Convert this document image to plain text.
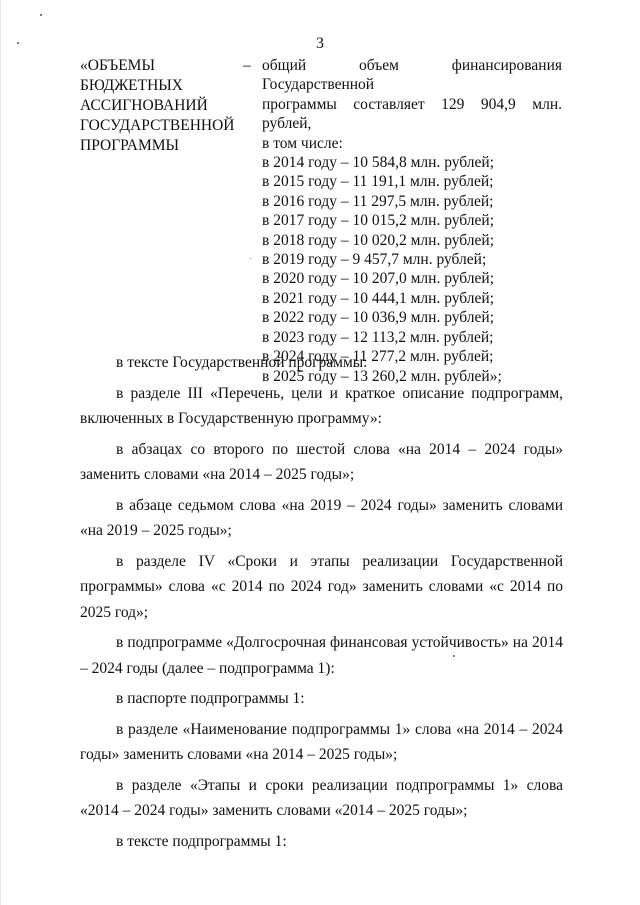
3
«ОБЪЕМЫ
БЮДЖЕТНЫХ
АССИГНОВАНИЙ
ГОСУДАРСТВЕННОЙ
ПРОГРАММЫ
– общий объем финансирования Государственной
программы составляет 129 904,9 млн. рублей,
в том числе:
в 2014 году – 10 584,8 млн. рублей;
в 2015 году – 11 191,1 млн. рублей;
в 2016 году – 11 297,5 млн. рублей;
в 2017 году – 10 015,2 млн. рублей;
в 2018 году – 10 020,2 млн. рублей;
в 2019 году – 9 457,7 млн. рублей;
в 2020 году – 10 207,0 млн. рублей;
в 2021 году – 10 444,1 млн. рублей;
в 2022 году – 10 036,9 млн. рублей;
в 2023 году – 12 113,2 млн. рублей;
в 2024 году – 11 277,2 млн. рублей;
в 2025 году – 13 260,2 млн. рублей»;

в тексте Государственной программы:

в разделе III «Перечень, цели и краткое описание подпрограмм, включенных в Государственную программу»:

в абзацах со второго по шестой слова «на 2014 – 2024 годы» заменить словами «на 2014 – 2025 годы»;

в абзаце седьмом слова «на 2019 – 2024 годы» заменить словами «на 2019 – 2025 годы»;

в разделе IV «Сроки и этапы реализации Государственной программы» слова «с 2014 по 2024 год» заменить словами «с 2014 по 2025 год»;

в подпрограмме «Долгосрочная финансовая устойчивость» на 2014 – 2024 годы (далее – подпрограмма 1):

в паспорте подпрограммы 1:

в разделе «Наименование подпрограммы 1» слова «на 2014 – 2024 годы» заменить словами «на 2014 – 2025 годы»;

в разделе «Этапы и сроки реализации подпрограммы 1» слова «2014 – 2024 годы» заменить словами «2014 – 2025 годы»;

в тексте подпрограммы 1:
